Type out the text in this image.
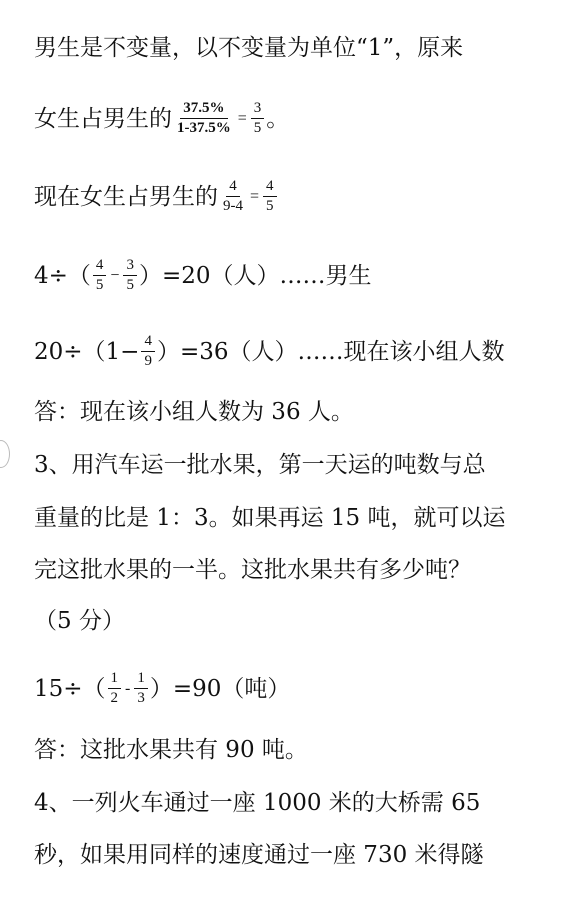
男生是不变量，以不变量为单位“1”，原来
女生占男生的 $\frac{37.5\%}{1-37.5\%} = \frac{3}{5}$ 。
现在女生占男生的 $\frac{4}{9-4} = \frac{4}{5}$
$4\div( \frac{4}{5} - \frac{3}{5} )=20$（人）……男生
$20\div(1- \frac{4}{9} )=36$（人）……现在该小组人数
答：现在该小组人数为 36 人。
3、用汽车运一批水果，第一天运的吨数与总
重量的比是 1：3。如果再运 15 吨，就可以运
完这批水果的一半。这批水果共有多少吨？
（5 分）
$15\div( \frac{1}{2} - \frac{1}{3} )=90$（吨）
答：这批水果共有 90 吨。
4、一列火车通过一座 1000 米的大桥需 65
秒，如果用同样的速度通过一座 730 米得隧
